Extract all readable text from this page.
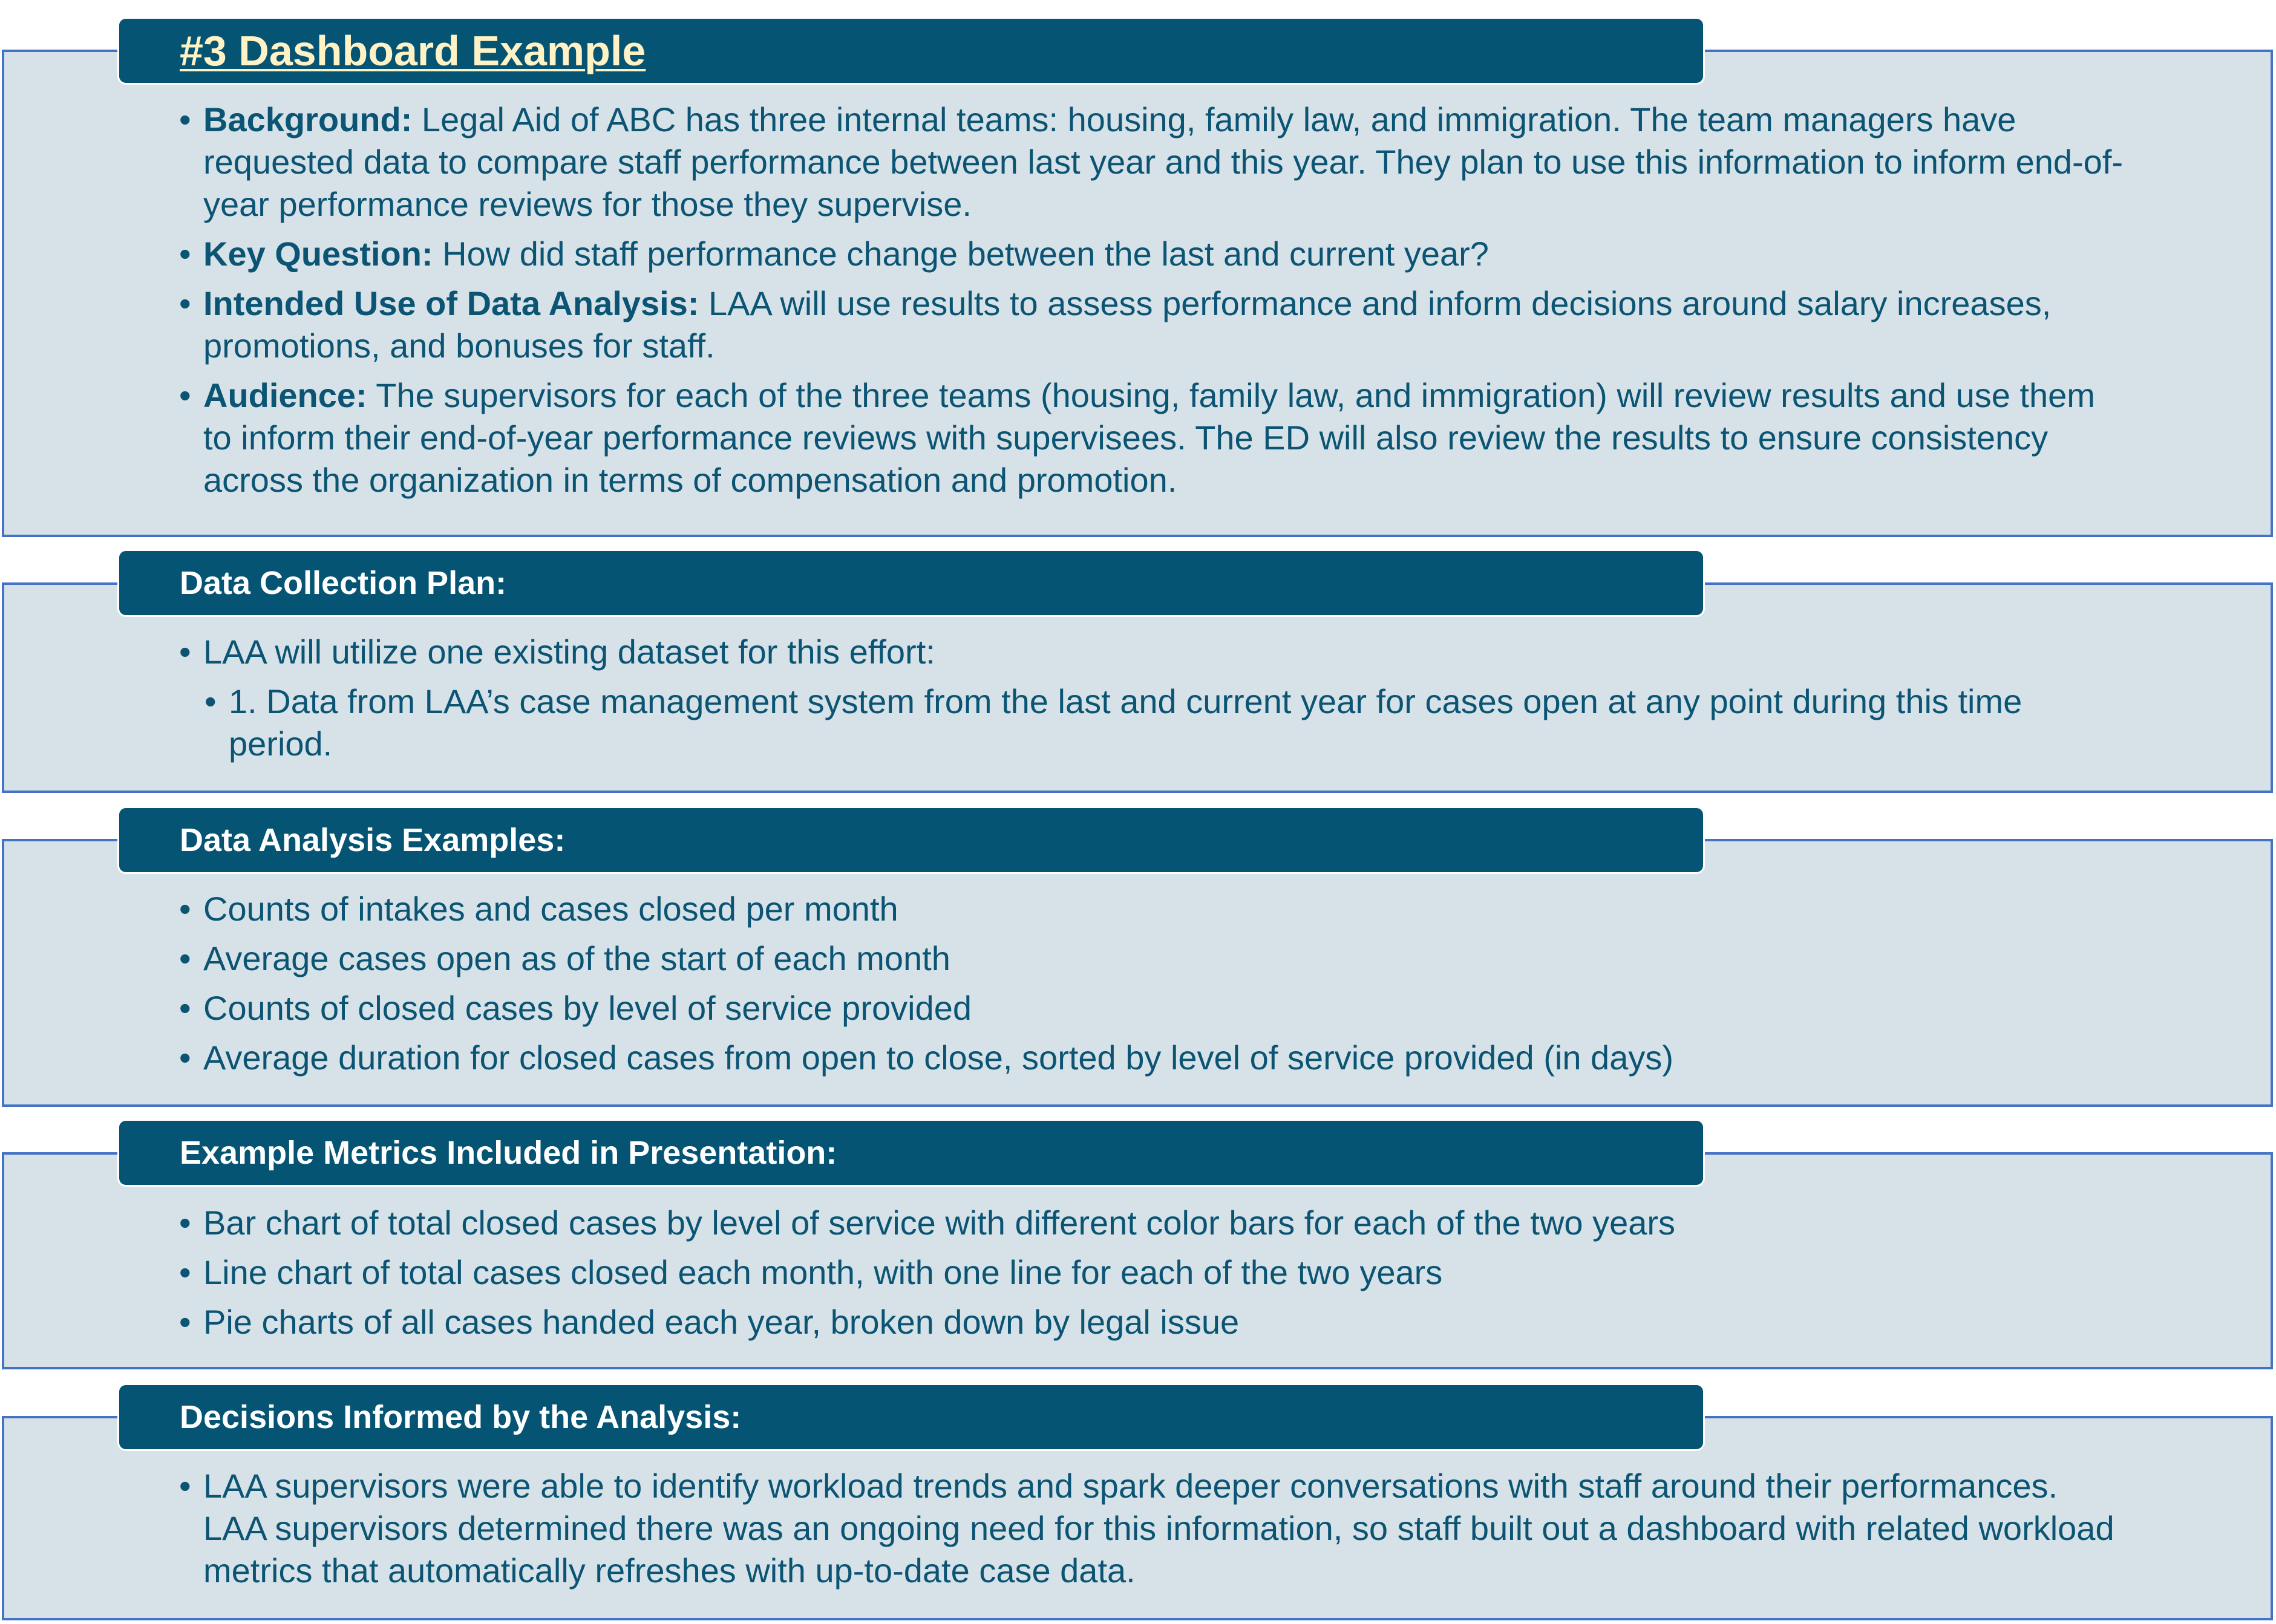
#3 Dashboard Example
• Background: Legal Aid of ABC has three internal teams: housing, family law, and immigration. The team managers have requested data to compare staff performance between last year and this year. They plan to use this information to inform end-of-year performance reviews for those they supervise.
• Key Question: How did staff performance change between the last and current year?
• Intended Use of Data Analysis: LAA will use results to assess performance and inform decisions around salary increases, promotions, and bonuses for staff.
• Audience: The supervisors for each of the three teams (housing, family law, and immigration) will review results and use them to inform their end-of-year performance reviews with supervisees. The ED will also review the results to ensure consistency across the organization in terms of compensation and promotion.
Data Collection Plan:
• LAA will utilize one existing dataset for this effort:
• 1. Data from LAA’s case management system from the last and current year for cases open at any point during this time period.
Data Analysis Examples:
• Counts of intakes and cases closed per month
• Average cases open as of the start of each month
• Counts of closed cases by level of service provided
• Average duration for closed cases from open to close, sorted by level of service provided (in days)
Example Metrics Included in Presentation:
• Bar chart of total closed cases by level of service with different color bars for each of the two years
• Line chart of total cases closed each month, with one line for each of the two years
• Pie charts of all cases handed each year, broken down by legal issue
Decisions Informed by the Analysis:
• LAA supervisors were able to identify workload trends and spark deeper conversations with staff around their performances. LAA supervisors determined there was an ongoing need for this information, so staff built out a dashboard with related workload metrics that automatically refreshes with up-to-date case data.
